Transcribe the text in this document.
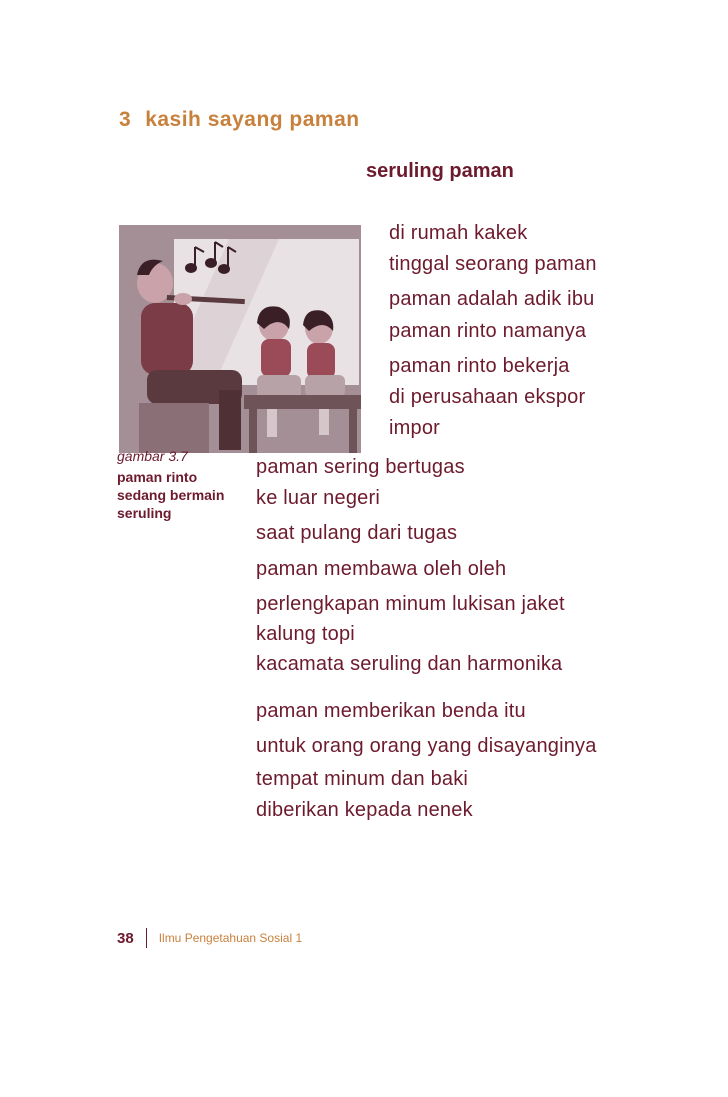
3 kasih sayang paman
seruling paman
gambar 3.7
paman rinto sedang bermain seruling
di rumah kakek
tinggal seorang paman
paman adalah adik ibu
paman rinto namanya
paman rinto bekerja
di perusahaan ekspor
impor
paman sering bertugas
ke luar negeri
saat pulang dari tugas
paman membawa oleh oleh
perlengkapan minum lukisan jaket
kalung topi
kacamata seruling dan harmonika
paman memberikan benda itu
untuk orang orang yang disayanginya
tempat minum dan baki
diberikan kepada nenek
38 Ilmu Pengetahuan Sosial 1
